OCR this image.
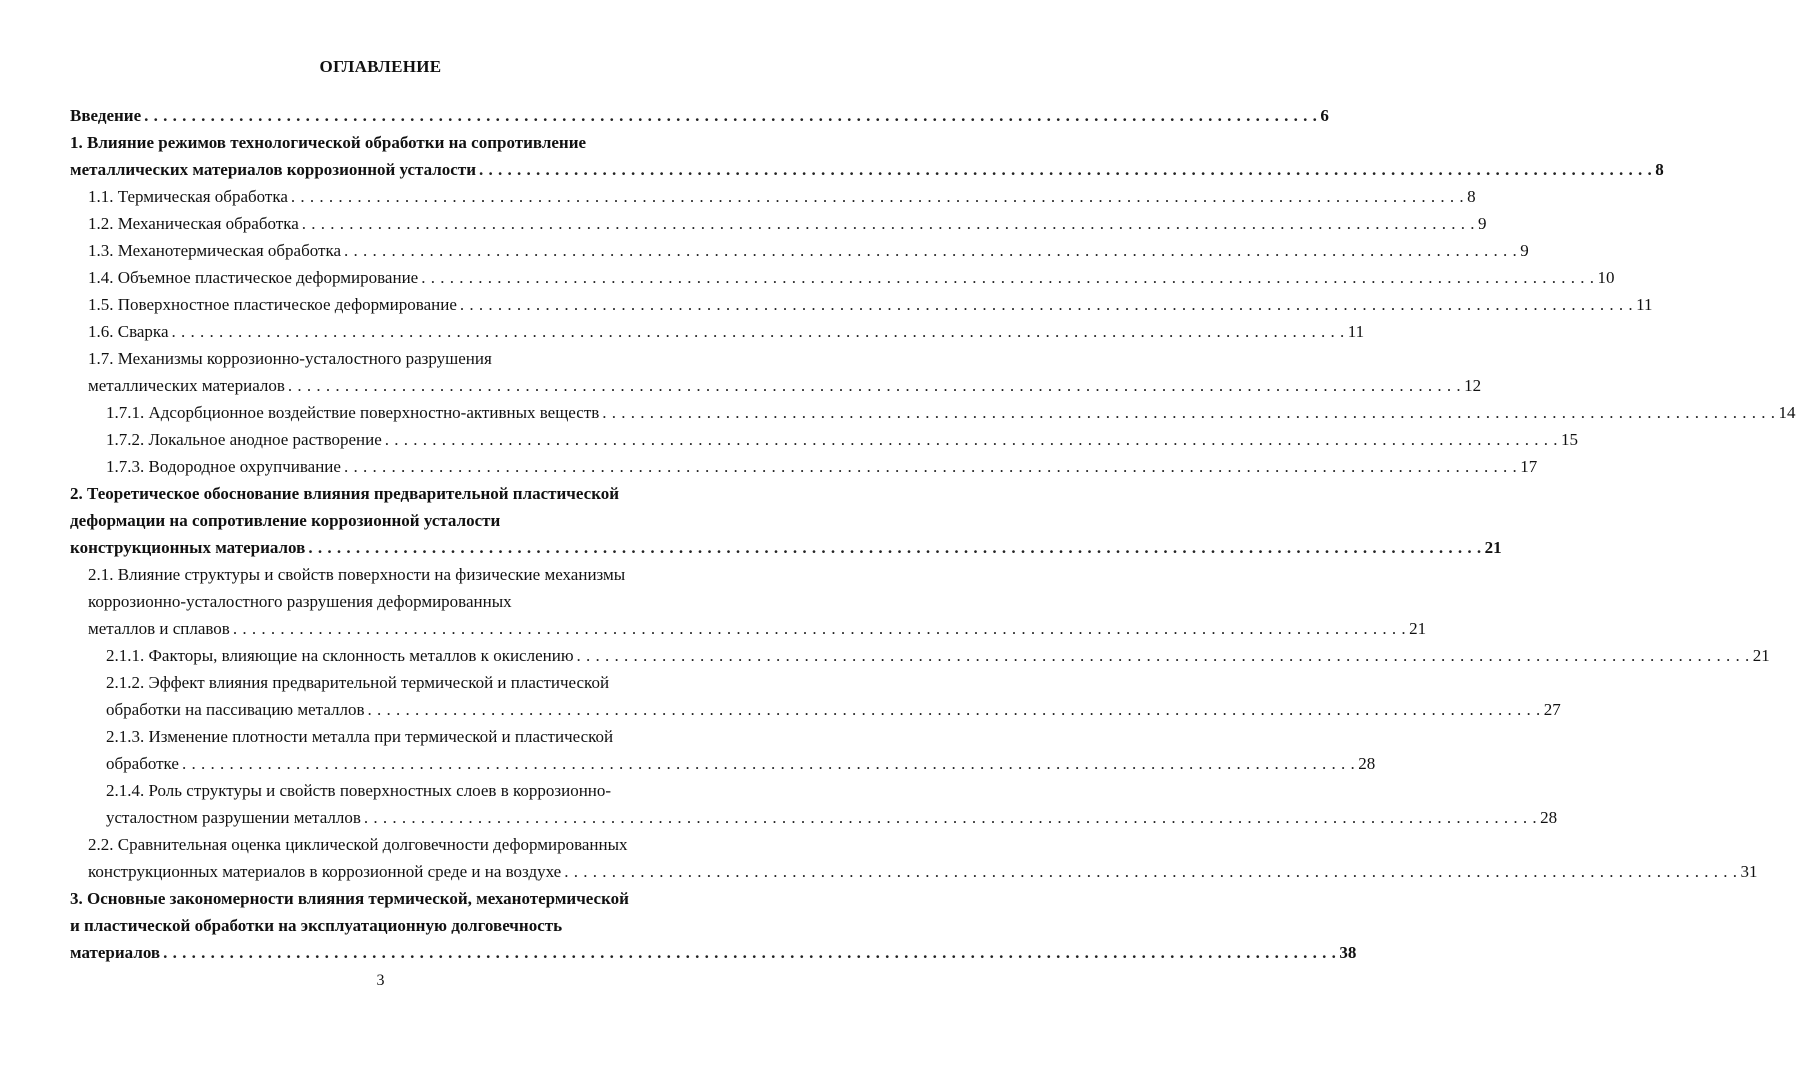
ОГЛАВЛЕНИЕ
Введение . . . . . . . . . . . . . . . . . . . . . . . . . . . . . . . . . . . . . . . . . . . . . . . . . . . . . . . . . . . . . . . . . . . . . . . . . . . . . . . . . . . . . . . . . . . . . . . . . . . . . . . . . . . . . . . . . . . . . . . . . . . . 6
1. Влияние режимов технологической обработки на сопротивление
металлических материалов коррозионной усталости . . . . . . . . . . . . . . . . . . . . . . . . . . . . . . . . . . . . . . . . . . . . . . . . . . . . . . . . . . . . . . . . . . . . . . . . . . . . . . . . . . . . . . . . . . . . . . . . . . . . . . . . . . . . . . . . . . . . . . . . . . . . 8
1.1. Термическая обработка . . . . . . . . . . . . . . . . . . . . . . . . . . . . . . . . . . . . . . . . . . . . . . . . . . . . . . . . . . . . . . . . . . . . . . . . . . . . . . . . . . . . . . . . . . . . . . . . . . . . . . . . . . . . . . . . . . . . . . . . . . . . 8
1.2. Механическая обработка . . . . . . . . . . . . . . . . . . . . . . . . . . . . . . . . . . . . . . . . . . . . . . . . . . . . . . . . . . . . . . . . . . . . . . . . . . . . . . . . . . . . . . . . . . . . . . . . . . . . . . . . . . . . . . . . . . . . . . . . . . . . 9
1.3. Механотермическая обработка . . . . . . . . . . . . . . . . . . . . . . . . . . . . . . . . . . . . . . . . . . . . . . . . . . . . . . . . . . . . . . . . . . . . . . . . . . . . . . . . . . . . . . . . . . . . . . . . . . . . . . . . . . . . . . . . . . . . . . . . . . . . 9
1.4. Объемное пластическое деформирование . . . . . . . . . . . . . . . . . . . . . . . . . . . . . . . . . . . . . . . . . . . . . . . . . . . . . . . . . . . . . . . . . . . . . . . . . . . . . . . . . . . . . . . . . . . . . . . . . . . . . . . . . . . . . . . . . . . . . . . . . . . . 10
1.5. Поверхностное пластическое деформирование . . . . . . . . . . . . . . . . . . . . . . . . . . . . . . . . . . . . . . . . . . . . . . . . . . . . . . . . . . . . . . . . . . . . . . . . . . . . . . . . . . . . . . . . . . . . . . . . . . . . . . . . . . . . . . . . . . . . . . . . . . . . 11
1.6. Сварка . . . . . . . . . . . . . . . . . . . . . . . . . . . . . . . . . . . . . . . . . . . . . . . . . . . . . . . . . . . . . . . . . . . . . . . . . . . . . . . . . . . . . . . . . . . . . . . . . . . . . . . . . . . . . . . . . . . . . . . . . . . . 11
1.7. Механизмы коррозионно-усталостного разрушения
металлических материалов . . . . . . . . . . . . . . . . . . . . . . . . . . . . . . . . . . . . . . . . . . . . . . . . . . . . . . . . . . . . . . . . . . . . . . . . . . . . . . . . . . . . . . . . . . . . . . . . . . . . . . . . . . . . . . . . . . . . . . . . . . . . 12
1.7.1. Адсорбционное воздействие поверхностно-активных веществ . . . . . . . . . . . . . . . . . . . . . . . . . . . . . . . . . . . . . . . . . . . . . . . . . . . . . . . . . . . . . . . . . . . . . . . . . . . . . . . . . . . . . . . . . . . . . . . . . . . . . . . . . . . . . . . . . . . . . . . . . . . . 14
1.7.2. Локальное анодное растворение . . . . . . . . . . . . . . . . . . . . . . . . . . . . . . . . . . . . . . . . . . . . . . . . . . . . . . . . . . . . . . . . . . . . . . . . . . . . . . . . . . . . . . . . . . . . . . . . . . . . . . . . . . . . . . . . . . . . . . . . . . . . 15
1.7.3. Водородное охрупчивание . . . . . . . . . . . . . . . . . . . . . . . . . . . . . . . . . . . . . . . . . . . . . . . . . . . . . . . . . . . . . . . . . . . . . . . . . . . . . . . . . . . . . . . . . . . . . . . . . . . . . . . . . . . . . . . . . . . . . . . . . . . . 17
2. Теоретическое обоснование влияния предварительной пластической
деформации на сопротивление коррозионной усталости
конструкционных материалов . . . . . . . . . . . . . . . . . . . . . . . . . . . . . . . . . . . . . . . . . . . . . . . . . . . . . . . . . . . . . . . . . . . . . . . . . . . . . . . . . . . . . . . . . . . . . . . . . . . . . . . . . . . . . . . . . . . . . . . . . . . . 21
2.1. Влияние структуры и свойств поверхности на физические механизмы
коррозионно-усталостного разрушения деформированных
металлов и сплавов . . . . . . . . . . . . . . . . . . . . . . . . . . . . . . . . . . . . . . . . . . . . . . . . . . . . . . . . . . . . . . . . . . . . . . . . . . . . . . . . . . . . . . . . . . . . . . . . . . . . . . . . . . . . . . . . . . . . . . . . . . . . 21
2.1.1. Факторы, влияющие на склонность металлов к окислению . . . . . . . . . . . . . . . . . . . . . . . . . . . . . . . . . . . . . . . . . . . . . . . . . . . . . . . . . . . . . . . . . . . . . . . . . . . . . . . . . . . . . . . . . . . . . . . . . . . . . . . . . . . . . . . . . . . . . . . . . . . . 21
2.1.2. Эффект влияния предварительной термической и пластической
обработки на пассивацию металлов . . . . . . . . . . . . . . . . . . . . . . . . . . . . . . . . . . . . . . . . . . . . . . . . . . . . . . . . . . . . . . . . . . . . . . . . . . . . . . . . . . . . . . . . . . . . . . . . . . . . . . . . . . . . . . . . . . . . . . . . . . . . 27
2.1.3. Изменение плотности металла при термической и пластической
обработке . . . . . . . . . . . . . . . . . . . . . . . . . . . . . . . . . . . . . . . . . . . . . . . . . . . . . . . . . . . . . . . . . . . . . . . . . . . . . . . . . . . . . . . . . . . . . . . . . . . . . . . . . . . . . . . . . . . . . . . . . . . . 28
2.1.4. Роль структуры и свойств поверхностных слоев в коррозионно-
усталостном разрушении металлов . . . . . . . . . . . . . . . . . . . . . . . . . . . . . . . . . . . . . . . . . . . . . . . . . . . . . . . . . . . . . . . . . . . . . . . . . . . . . . . . . . . . . . . . . . . . . . . . . . . . . . . . . . . . . . . . . . . . . . . . . . . . 28
2.2. Сравнительная оценка циклической долговечности деформированных
конструкционных материалов в коррозионной среде и на воздухе . . . . . . . . . . . . . . . . . . . . . . . . . . . . . . . . . . . . . . . . . . . . . . . . . . . . . . . . . . . . . . . . . . . . . . . . . . . . . . . . . . . . . . . . . . . . . . . . . . . . . . . . . . . . . . . . . . . . . . . . . . . . 31
3. Основные закономерности влияния термической, механотермической
и пластической обработки на эксплуатационную долговечность
материалов . . . . . . . . . . . . . . . . . . . . . . . . . . . . . . . . . . . . . . . . . . . . . . . . . . . . . . . . . . . . . . . . . . . . . . . . . . . . . . . . . . . . . . . . . . . . . . . . . . . . . . . . . . . . . . . . . . . . . . . . . . . . 38
3
